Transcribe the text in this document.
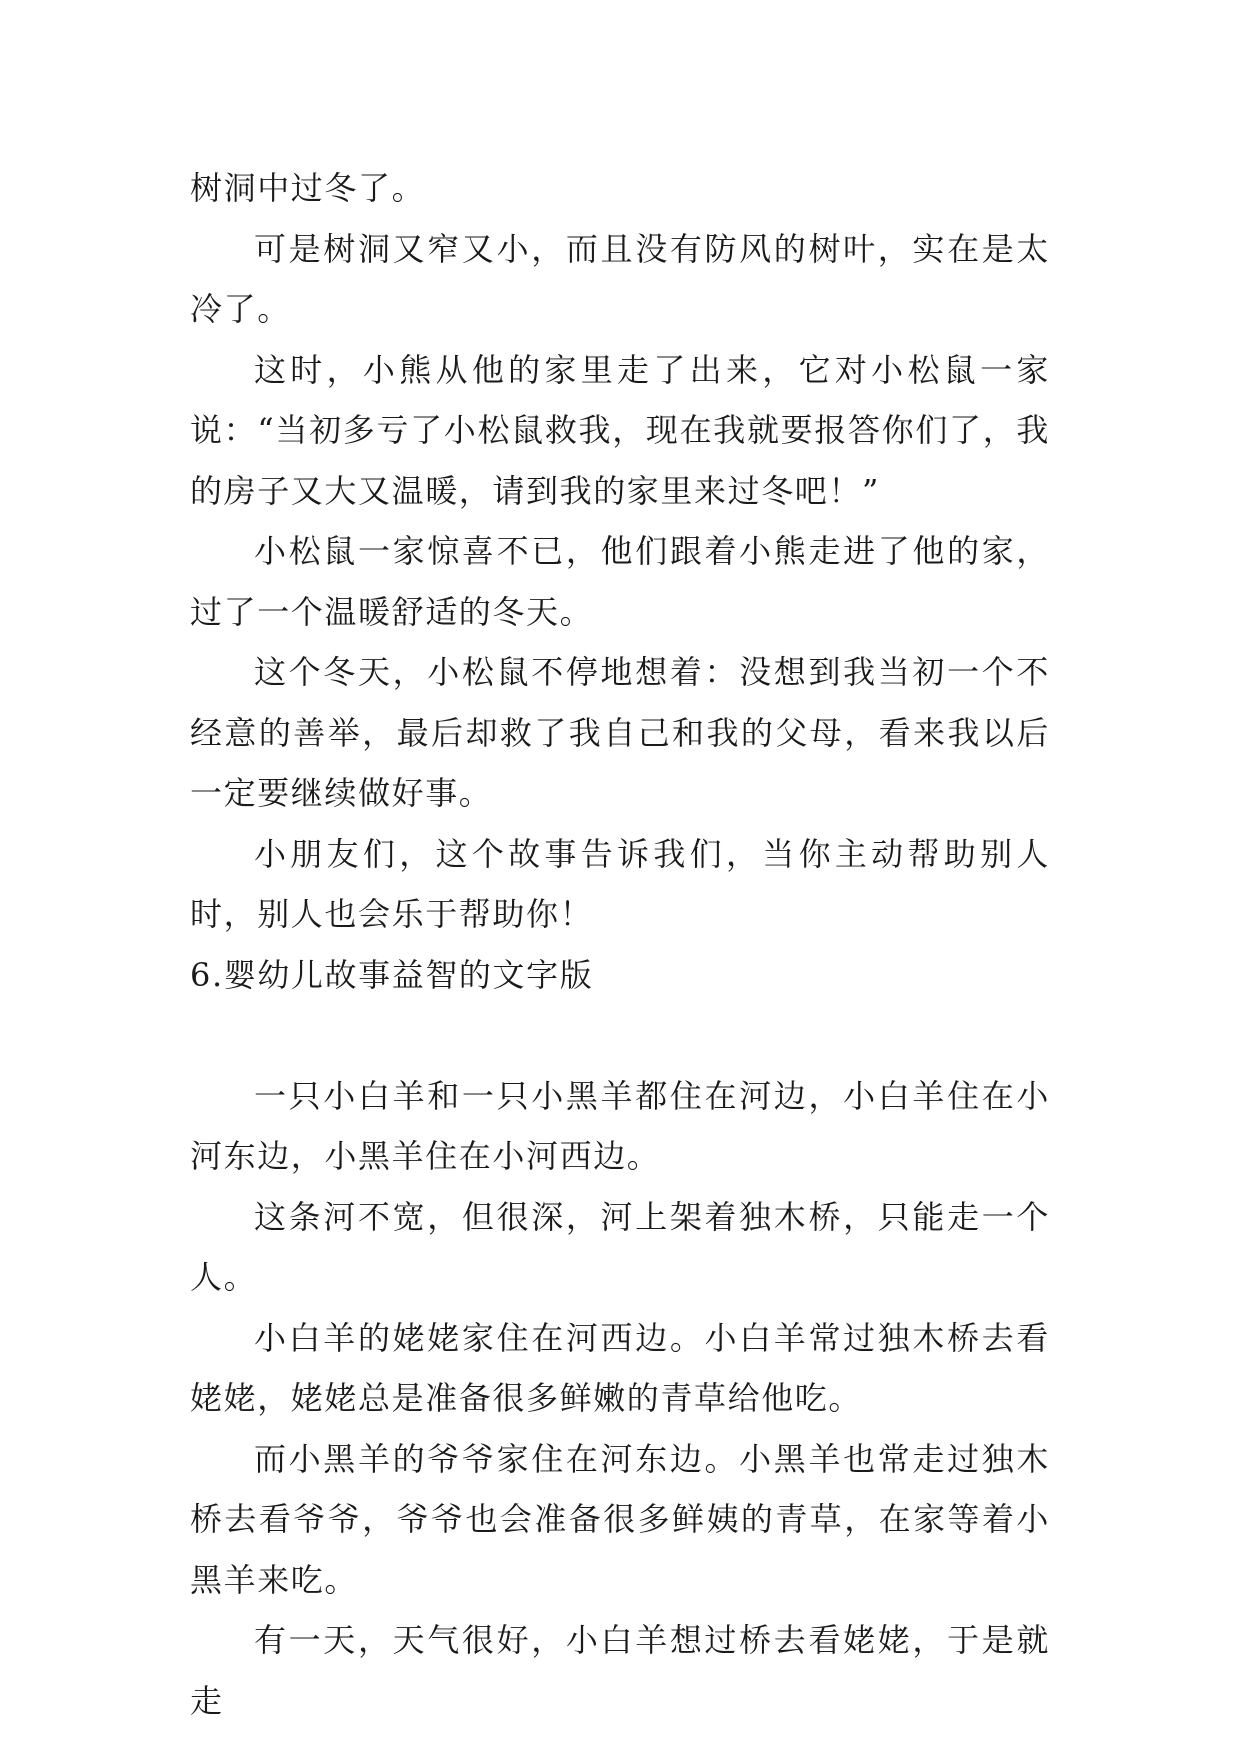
树洞中过冬了。

可是树洞又窄又小，而且没有防风的树叶，实在是太冷了。

这时，小熊从他的家里走了出来，它对小松鼠一家说：“当初多亏了小松鼠救我，现在我就要报答你们了，我的房子又大又温暖，请到我的家里来过冬吧！”

小松鼠一家惊喜不已，他们跟着小熊走进了他的家，过了一个温暖舒适的冬天。

这个冬天，小松鼠不停地想着：没想到我当初一个不经意的善举，最后却救了我自己和我的父母，看来我以后一定要继续做好事。

小朋友们，这个故事告诉我们，当你主动帮助别人时，别人也会乐于帮助你！

6.婴幼儿故事益智的文字版

一只小白羊和一只小黑羊都住在河边，小白羊住在小河东边，小黑羊住在小河西边。

这条河不宽，但很深，河上架着独木桥，只能走一个人。

小白羊的姥姥家住在河西边。小白羊常过独木桥去看姥姥，姥姥总是准备很多鲜嫩的青草给他吃。

而小黑羊的爷爷家住在河东边。小黑羊也常走过独木桥去看爷爷，爷爷也会准备很多鲜姨的青草，在家等着小黑羊来吃。

有一天，天气很好，小白羊想过桥去看姥姥，于是就走
